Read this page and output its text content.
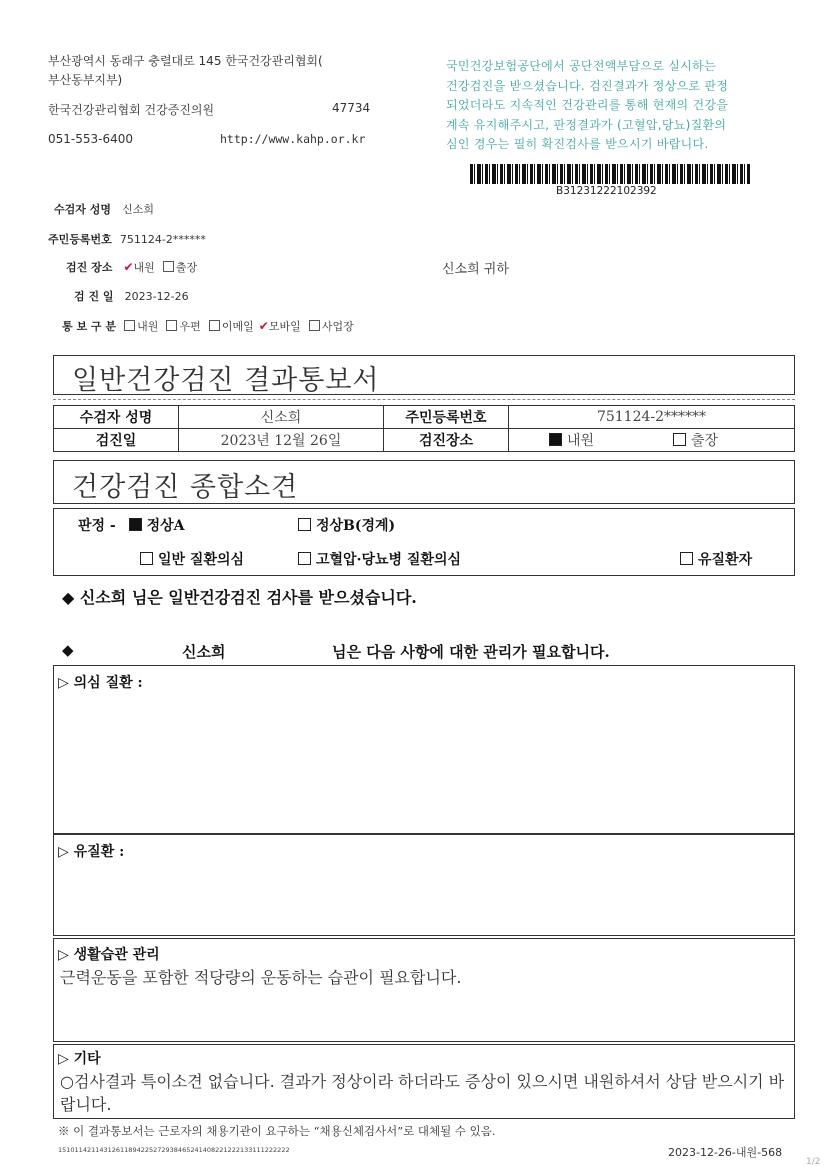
부산광역시 동래구 충렬대로 145 한국건강관리협회(
부산동부지부)
한국건강관리협회 건강증진의원	47734
051-553-6400	http://www.kahp.or.kr
국민건강보험공단에서 공단전액부담으로 실시하는
건강검진을 받으셨습니다. 검진결과가 정상으로 판정
되었더라도 지속적인 건강관리를 통해 현재의 건강을
계속 유지해주시고, 판정결과가 (고혈압,당뇨)질환의
심인 경우는 필히 확진검사를 받으시기 바랍니다.
B31231222102392
수검자 성명 신소희
주민등록번호 751124-2******
검진 장소 ✔내원 출장
검 진 일 2023-12-26
통 보 구 분 내원 우편 이메일 ✔모바일 사업장
신소희 귀하
일반건강검진 결과통보서
수검자 성명	신소희	주민등록번호	751124-2******
검진일	2023년 12월 26일	검진장소	내원 출장
건강검진 종합소견
판정 - 정상A	정상B(경계)
일반 질환의심	고혈압·당뇨병 질환의심	유질환자
◆ 신소희 님은 일반건강검진 검사를 받으셨습니다.
◆	신소희	님은 다음 사항에 대한 관리가 필요합니다.
▷ 의심 질환 :
▷ 유질환 :
▷ 생활습관 관리
근력운동을 포함한 적당량의 운동하는 습관이 필요합니다.
▷ 기타
○검사결과 특이소견 없습니다. 결과가 정상이라 하더라도 증상이 있으시면 내원하셔서 상담 받으시기 바랍니다.
※ 이 결과통보서는 근로자의 채용기관이 요구하는 “채용신체검사서”로 대체될 수 있음.
15101142114312611894225272938465241408221222133111222222	2023-12-26-내원-568
1/2
